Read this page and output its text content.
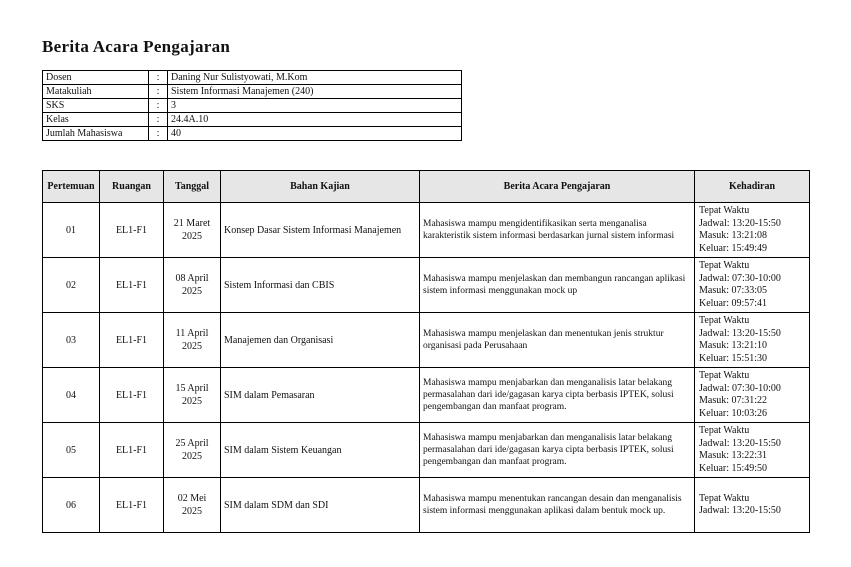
Berita Acara Pengajaran
Dosen	:	Daning Nur Sulistyowati, M.Kom
Matakuliah	:	Sistem Informasi Manajemen (240)
SKS	:	3
Kelas	:	24.4A.10
Jumlah Mahasiswa	:	40
Pertemuan	Ruangan	Tanggal	Bahan Kajian	Berita Acara Pengajaran	Kehadiran
01	EL1-F1	21 Maret 2025	Konsep Dasar Sistem Informasi Manajemen	Mahasiswa mampu mengidentifikasikan serta menganalisa karakteristik sistem informasi berdasarkan jurnal sistem informasi	Tepat Waktu
Jadwal: 13:20-15:50
Masuk: 13:21:08
Keluar: 15:49:49

02	EL1-F1	08 April 2025	Sistem Informasi dan CBIS	Mahasiswa mampu menjelaskan dan membangun rancangan aplikasi sistem informasi menggunakan mock up	Tepat Waktu
Jadwal: 07:30-10:00
Masuk: 07:33:05
Keluar: 09:57:41

03	EL1-F1	11 April 2025	Manajemen dan Organisasi	Mahasiswa mampu menjelaskan dan menentukan jenis struktur organisasi pada Perusahaan	Tepat Waktu
Jadwal: 13:20-15:50
Masuk: 13:21:10
Keluar: 15:51:30

04	EL1-F1	15 April 2025	SIM dalam Pemasaran	Mahasiswa mampu menjabarkan dan menganalisis latar belakang permasalahan dari ide/gagasan karya cipta berbasis IPTEK, solusi pengembangan dan manfaat program.	Tepat Waktu
Jadwal: 07:30-10:00
Masuk: 07:31:22
Keluar: 10:03:26

05	EL1-F1	25 April 2025	SIM dalam Sistem Keuangan	Mahasiswa mampu menjabarkan dan menganalisis latar belakang permasalahan dari ide/gagasan karya cipta berbasis IPTEK, solusi pengembangan dan manfaat program.	Tepat Waktu
Jadwal: 13:20-15:50
Masuk: 13:22:31
Keluar: 15:49:50

06	EL1-F1	02 Mei 2025	SIM dalam SDM dan SDI	Mahasiswa mampu menentukan rancangan desain dan menganalisis sistem informasi menggunakan aplikasi dalam bentuk mock up.	Tepat Waktu
Jadwal: 13:20-15:50
